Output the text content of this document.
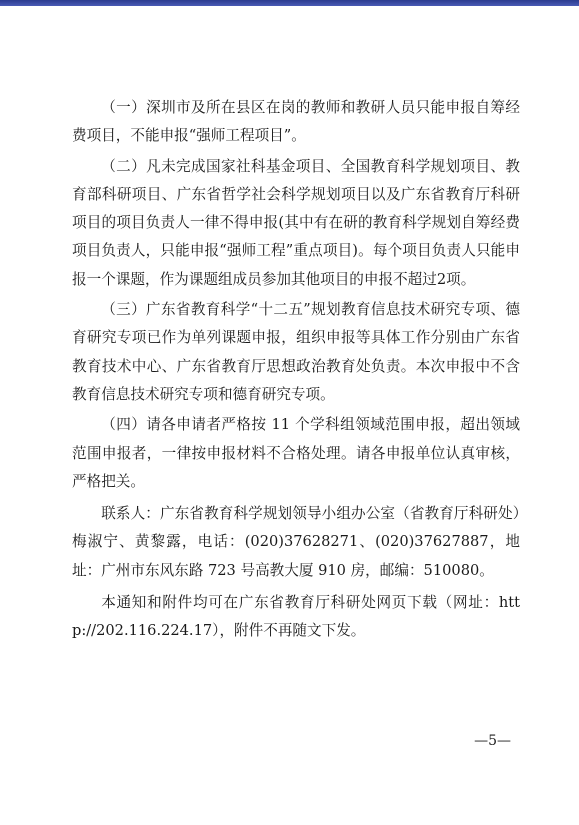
（一）深圳市及所在县区在岗的教师和教研人员只能申报自筹经费项目，不能申报“强师工程项目”。

（二）凡未完成国家社科基金项目、全国教育科学规划项目、教育部科研项目、广东省哲学社会科学规划项目以及广东省教育厅科研项目的项目负责人一律不得申报(其中有在研的教育科学规划自筹经费项目负责人，只能申报“强师工程”重点项目)。每个项目负责人只能申报一个课题，作为课题组成员参加其他项目的申报不超过2项。

（三）广东省教育科学“十二五”规划教育信息技术研究专项、德育研究专项已作为单列课题申报，组织申报等具体工作分别由广东省教育技术中心、广东省教育厅思想政治教育处负责。本次申报中不含教育信息技术研究专项和德育研究专项。

（四）请各申请者严格按 11 个学科组领域范围申报，超出领域范围申报者，一律按申报材料不合格处理。请各申报单位认真审核，严格把关。

联系人：广东省教育科学规划领导小组办公室（省教育厅科研处）梅淑宁、黄黎露，电话：(020)37628271、(020)37627887，地址：广州市东风东路 723 号高教大厦 910 房，邮编：510080。

本通知和附件均可在广东省教育厅科研处网页下载（网址：http://202.116.224.17），附件不再随文下发。

—5—
